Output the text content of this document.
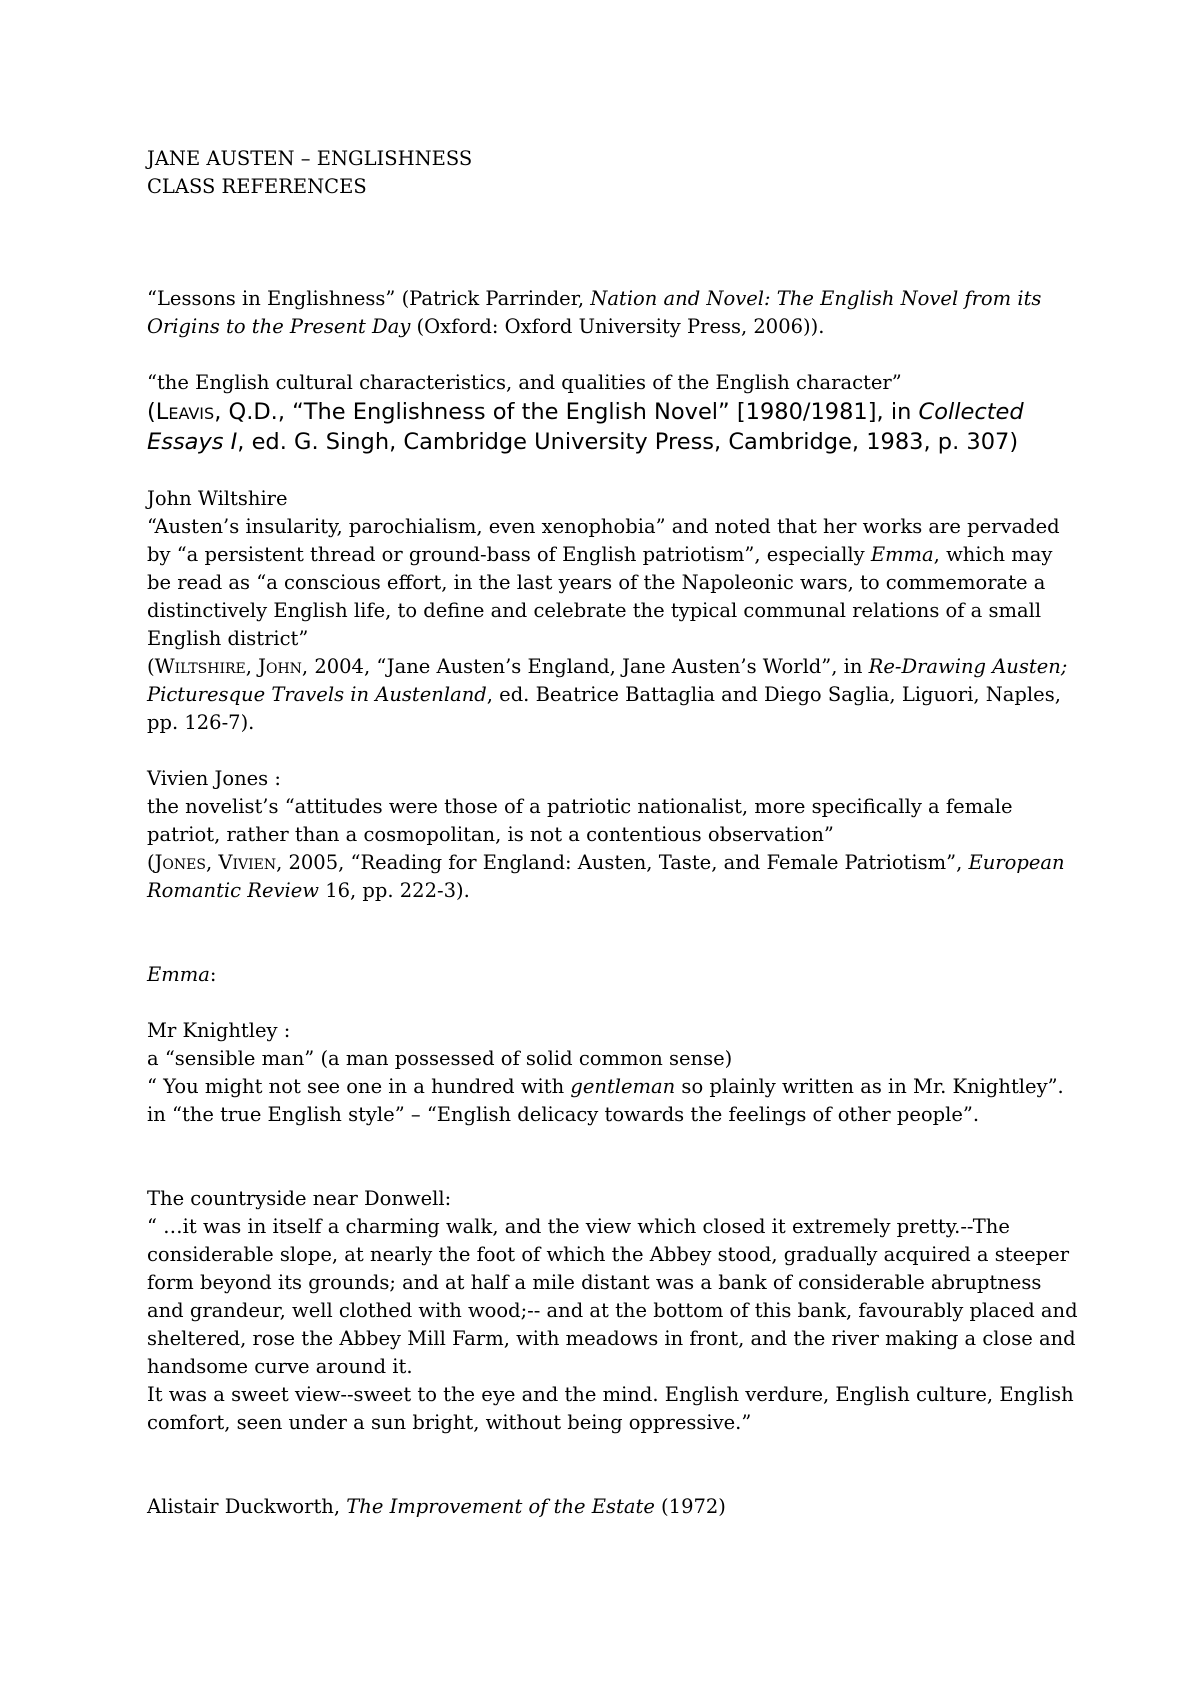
JANE AUSTEN – ENGLISHNESS

CLASS REFERENCES

“Lessons in Englishness” (Patrick Parrinder, Nation and Novel: The English Novel from its Origins to the Present Day (Oxford: Oxford University Press, 2006)).

“the English cultural characteristics, and qualities of the English character”

(Leavis, Q.D., “The Englishness of the English Novel” [1980/1981], in Collected Essays I, ed. G. Singh, Cambridge University Press, Cambridge, 1983, p. 307)

John Wiltshire

“Austen’s insularity, parochialism, even xenophobia” and noted that her works are pervaded by “a persistent thread or ground-bass of English patriotism”, especially Emma, which may be read as “a conscious effort, in the last years of the Napoleonic wars, to commemorate a distinctively English life, to define and celebrate the typical communal relations of a small English district”

(Wiltshire, John, 2004, “Jane Austen’s England, Jane Austen’s World”, in Re-Drawing Austen; Picturesque Travels in Austenland, ed. Beatrice Battaglia and Diego Saglia, Liguori, Naples, pp. 126-7).

Vivien Jones :

the novelist’s “attitudes were those of a patriotic nationalist, more specifically a female patriot, rather than a cosmopolitan, is not a contentious observation”

(Jones, Vivien, 2005, “Reading for England: Austen, Taste, and Female Patriotism”, European Romantic Review 16, pp. 222-3).

Emma:

Mr Knightley :

a “sensible man” (a man possessed of solid common sense)

“ You might not see one in a hundred with gentleman so plainly written as in Mr. Knightley”.

in “the true English style” – “English delicacy towards the feelings of other people”.

The countryside near Donwell:

“ …it was in itself a charming walk, and the view which closed it extremely pretty.--The considerable slope, at nearly the foot of which the Abbey stood, gradually acquired a steeper form beyond its grounds; and at half a mile distant was a bank of considerable abruptness and grandeur, well clothed with wood;-- and at the bottom of this bank, favourably placed and sheltered, rose the Abbey Mill Farm, with meadows in front, and the river making a close and handsome curve around it.

It was a sweet view--sweet to the eye and the mind. English verdure, English culture, English comfort, seen under a sun bright, without being oppressive.”

Alistair Duckworth, The Improvement of the Estate (1972)
